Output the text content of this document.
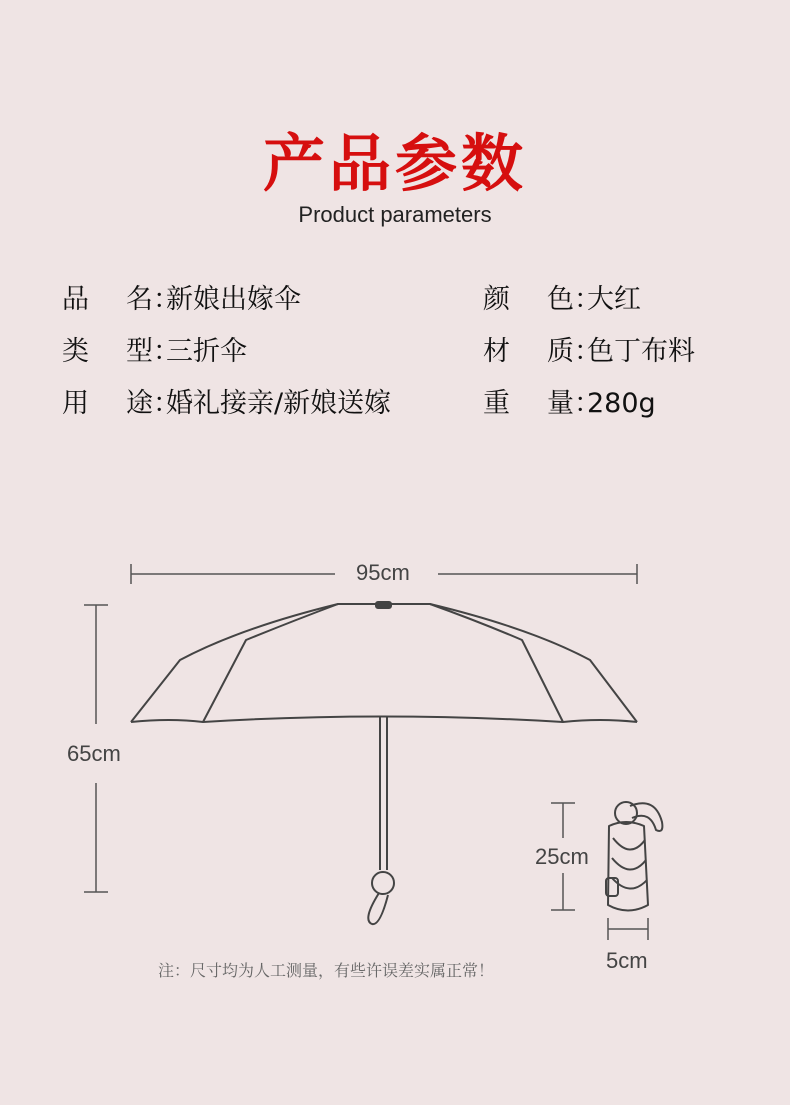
产品参数
Product parameters
品 名：新娘出嫁伞	颜 色：大红
类 型：三折伞	材 质：色丁布料
用 途：婚礼接亲/新娘送嫁	重 量：280g
95cm
65cm
25cm
5cm
注：尺寸均为人工测量，有些许误差实属正常！
